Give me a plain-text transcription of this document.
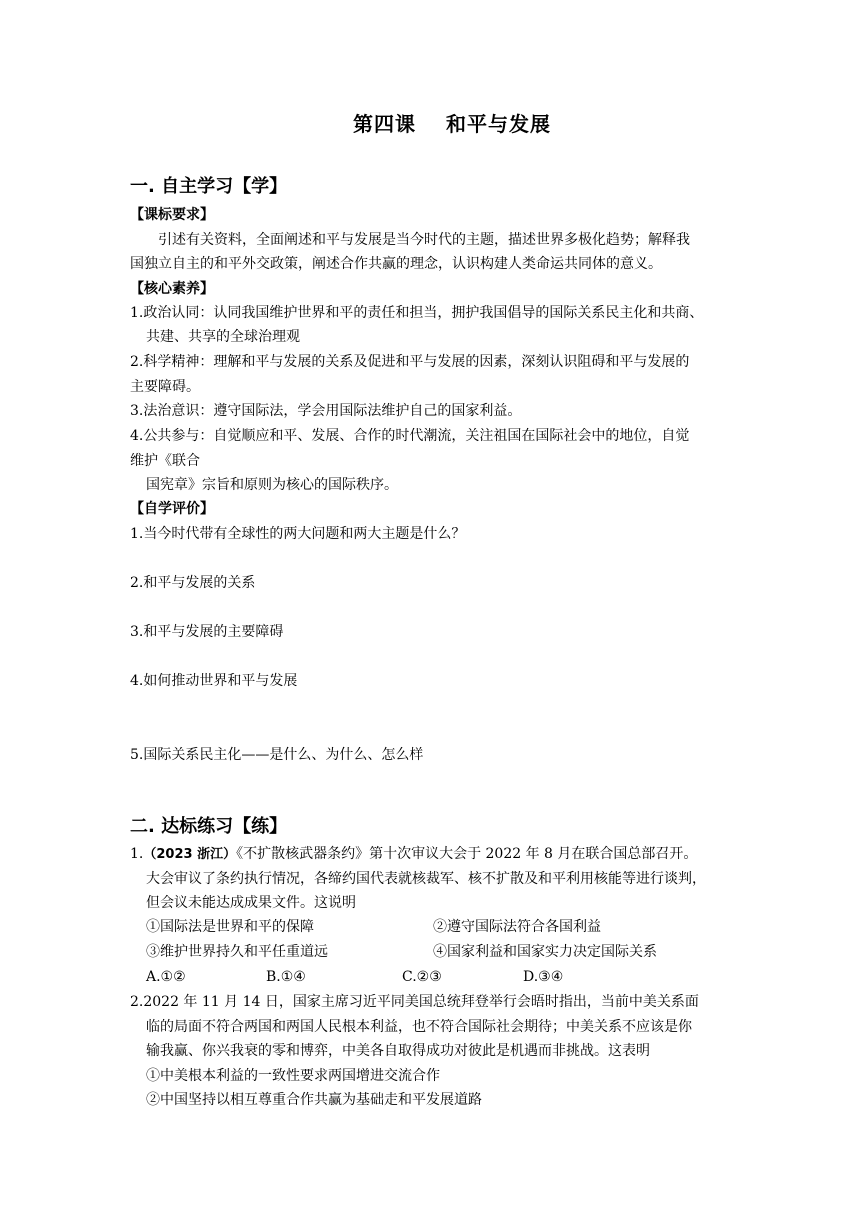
第四课 和平与发展
一. 自主学习【学】
【课标要求】
引述有关资料，全面阐述和平与发展是当今时代的主题，描述世界多极化趋势；解释我
国独立自主的和平外交政策，阐述合作共赢的理念，认识构建人类命运共同体的意义。
【核心素养】
1.政治认同：认同我国维护世界和平的责任和担当，拥护我国倡导的国际关系民主化和共商、
共建、共享的全球治理观
2.科学精神：理解和平与发展的关系及促进和平与发展的因素，深刻认识阻碍和平与发展的
主要障碍。
3.法治意识：遵守国际法，学会用国际法维护自己的国家利益。
4.公共参与：自觉顺应和平、发展、合作的时代潮流，关注祖国在国际社会中的地位，自觉
维护《联合
国宪章》宗旨和原则为核心的国际秩序。
【自学评价】
1.当今时代带有全球性的两大问题和两大主题是什么？
2.和平与发展的关系
3.和平与发展的主要障碍
4.如何推动世界和平与发展
5.国际关系民主化——是什么、为什么、怎么样
二. 达标练习【练】
1.（2023 浙江）《不扩散核武器条约》第十次审议大会于 2022 年 8 月在联合国总部召开。
大会审议了条约执行情况，各缔约国代表就核裁军、核不扩散及和平利用核能等进行谈判，
但会议未能达成成果文件。这说明
①国际法是世界和平的保障	②遵守国际法符合各国利益
③维护世界持久和平任重道远	④国家利益和国家实力决定国际关系
A.①②	B.①④	C.②③	D.③④
2.2022 年 11 月 14 日，国家主席习近平同美国总统拜登举行会晤时指出，当前中美关系面
临的局面不符合两国和两国人民根本利益，也不符合国际社会期待；中美关系不应该是你
输我赢、你兴我衰的零和博弈，中美各自取得成功对彼此是机遇而非挑战。这表明
①中美根本利益的一致性要求两国增进交流合作
②中国坚持以相互尊重合作共赢为基础走和平发展道路
